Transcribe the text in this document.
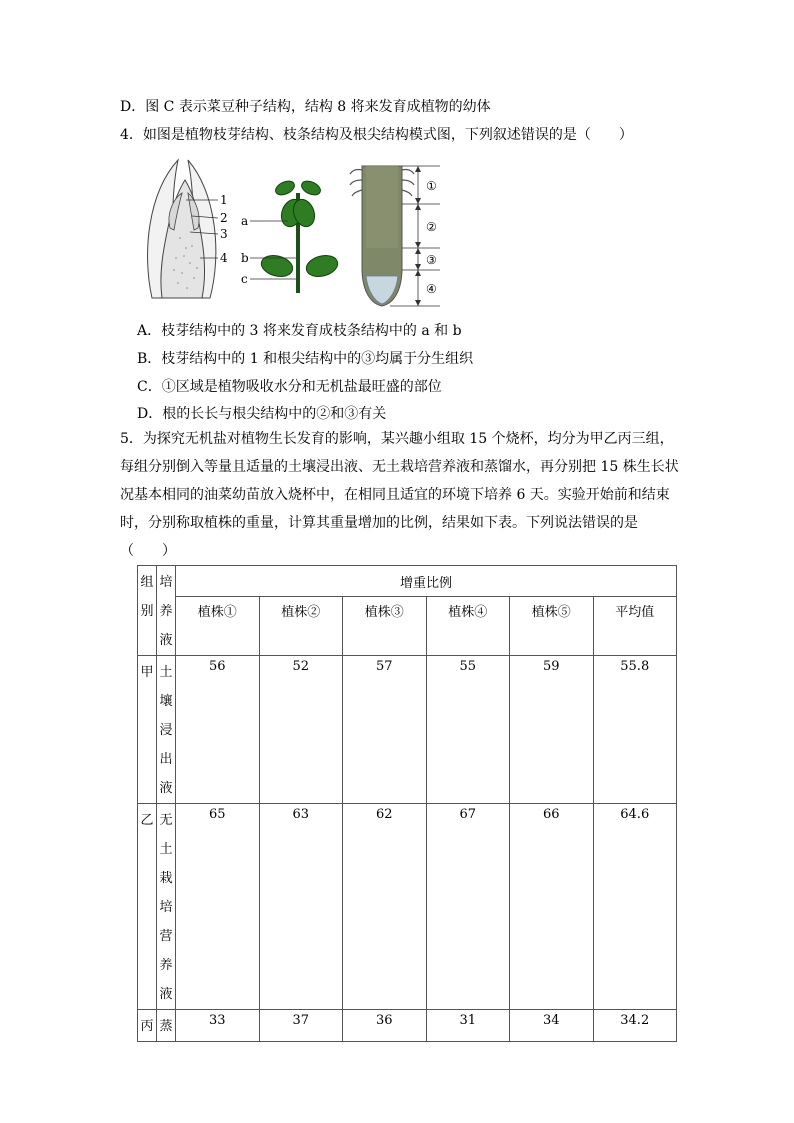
D．图 C 表示菜豆种子结构，结构 8 将来发育成植物的幼体
4．如图是植物枝芽结构、枝条结构及根尖结构模式图，下列叙述错误的是（　　）
1
2
3
4
a
b
c
①
②
③
④
A．枝芽结构中的 3 将来发育成枝条结构中的 a 和 b
B．枝芽结构中的 1 和根尖结构中的③均属于分生组织
C．①区域是植物吸收水分和无机盐最旺盛的部位
D．根的长长与根尖结构中的②和③有关
5．为探究无机盐对植物生长发育的影响，某兴趣小组取 15 个烧杯，均分为甲乙丙三组，每组分别倒入等量且适量的土壤浸出液、无土栽培营养液和蒸馏水，再分别把 15 株生长状况基本相同的油菜幼苗放入烧杯中，在相同且适宜的环境下培养 6 天。实验开始前和结束时，分别称取植株的重量，计算其重量增加的比例，结果如下表。下列说法错误的是（　　）
组别	培养液	增重比例					
		植株①	植株②	植株③	植株④	植株⑤	平均值
甲	土壤浸出液	56	52	57	55	59	55.8
乙	无土栽培营养液	65	63	62	67	66	64.6
丙	蒸	33	37	36	31	34	34.2
